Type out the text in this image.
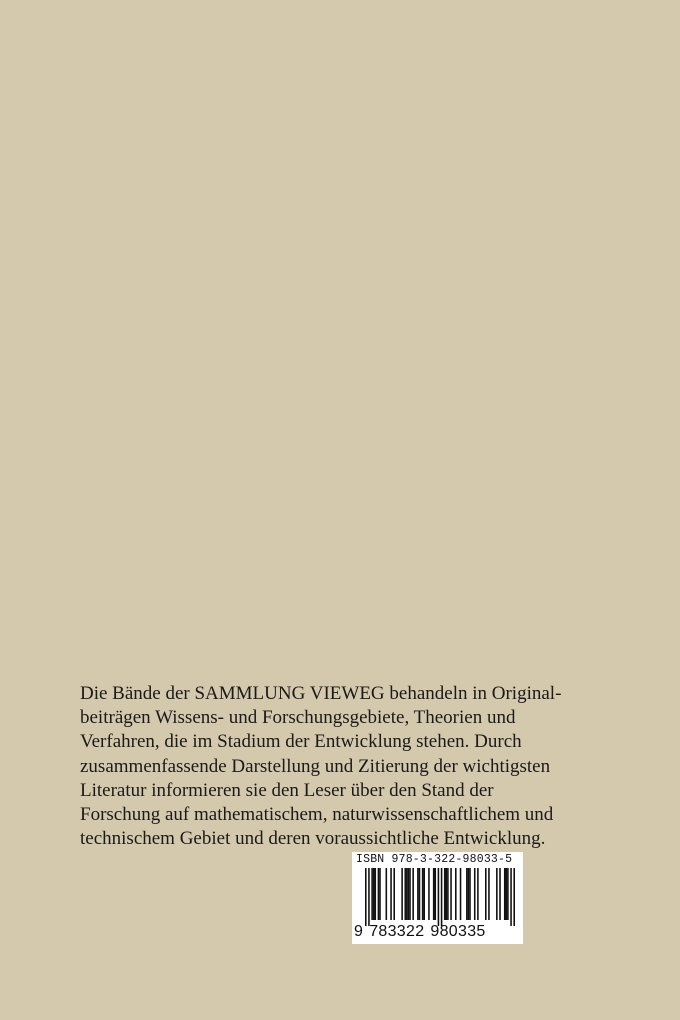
Die Bände der SAMMLUNG VIEWEG behandeln in Original-
beiträgen Wissens- und Forschungsgebiete, Theorien und
Verfahren, die im Stadium der Entwicklung stehen. Durch
zusammenfassende Darstellung und Zitierung der wichtigsten
Literatur informieren sie den Leser über den Stand der
Forschung auf mathematischem, naturwissenschaftlichem und
technischem Gebiet und deren voraussichtliche Entwicklung.
ISBN 978-3-322-98033-5
9 783322 980335
